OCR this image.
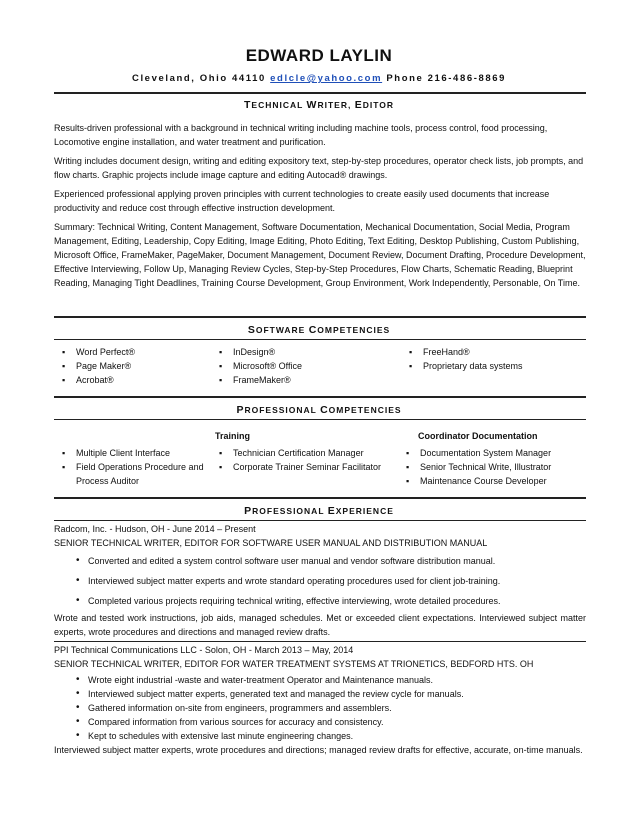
EDWARD LAYLIN
Cleveland, Ohio 44110 edlcle@yahoo.com Phone 216-486-8869
TECHNICAL WRITER, EDITOR

Results-driven professional with a background in technical writing including machine tools, process control, food processing, Locomotive engine installation, and water treatment and purification.

Writing includes document design, writing and editing expository text, step-by-step procedures, operator check lists, job prompts, and flow charts. Graphic projects include image capture and editing Autocad® drawings.

Experienced professional applying proven principles with current technologies to create easily used documents that increase productivity and reduce cost through effective instruction development.

Summary: Technical Writing, Content Management, Software Documentation, Mechanical Documentation, Social Media, Program Management, Editing, Leadership, Copy Editing, Image Editing, Photo Editing, Text Editing, Desktop Publishing, Custom Publishing, Microsoft Office, FrameMaker, PageMaker, Document Management, Document Review, Document Drafting, Procedure Development, Effective Interviewing, Follow Up, Managing Review Cycles, Step-by-Step Procedures, Flow Charts, Schematic Reading, Blueprint Reading, Managing Tight Deadlines, Training Course Development, Group Environment, Work Independently, Personable, On Time.

SOFTWARE COMPETENCIES
▪ Word Perfect®
▪ Page Maker®
▪ Acrobat®
▪ InDesign®
▪ Microsoft® Office
▪ FrameMaker®
▪ FreeHand®
▪ Proprietary data systems
PROFESSIONAL COMPETENCIES
Training	Coordinator Documentation
▪ Multiple Client Interface
▪ Field Operations Procedure and Process Auditor
▪ Technician Certification Manager
▪ Corporate Trainer Seminar Facilitator
▪ Documentation System Manager
▪ Senior Technical Write, Illustrator
▪ Maintenance Course Developer
PROFESSIONAL EXPERIENCE
Radcom, Inc. - Hudson, OH - June 2014 – Present
SENIOR TECHNICAL WRITER, EDITOR FOR SOFTWARE USER MANUAL AND DISTRIBUTION MANUAL
• Converted and edited a system control software user manual and vendor software distribution manual.
• Interviewed subject matter experts and wrote standard operating procedures used for client job-training.
• Completed various projects requiring technical writing, effective interviewing, wrote detailed procedures.
Wrote and tested work instructions, job aids, managed schedules. Met or exceeded client expectations. Interviewed subject matter experts, wrote procedures and directions and managed review drafts.
PPI Technical Communications LLC - Solon, OH - March 2013 – May, 2014
SENIOR TECHNICAL WRITER, EDITOR FOR WATER TREATMENT SYSTEMS AT TRIONETICS, BEDFORD HTS. OH
• Wrote eight industrial -waste and water-treatment Operator and Maintenance manuals.
• Interviewed subject matter experts, generated text and managed the review cycle for manuals.
• Gathered information on-site from engineers, programmers and assemblers.
• Compared information from various sources for accuracy and consistency.
• Kept to schedules with extensive last minute engineering changes.
Interviewed subject matter experts, wrote procedures and directions; managed review drafts for effective, accurate, on-time manuals.
